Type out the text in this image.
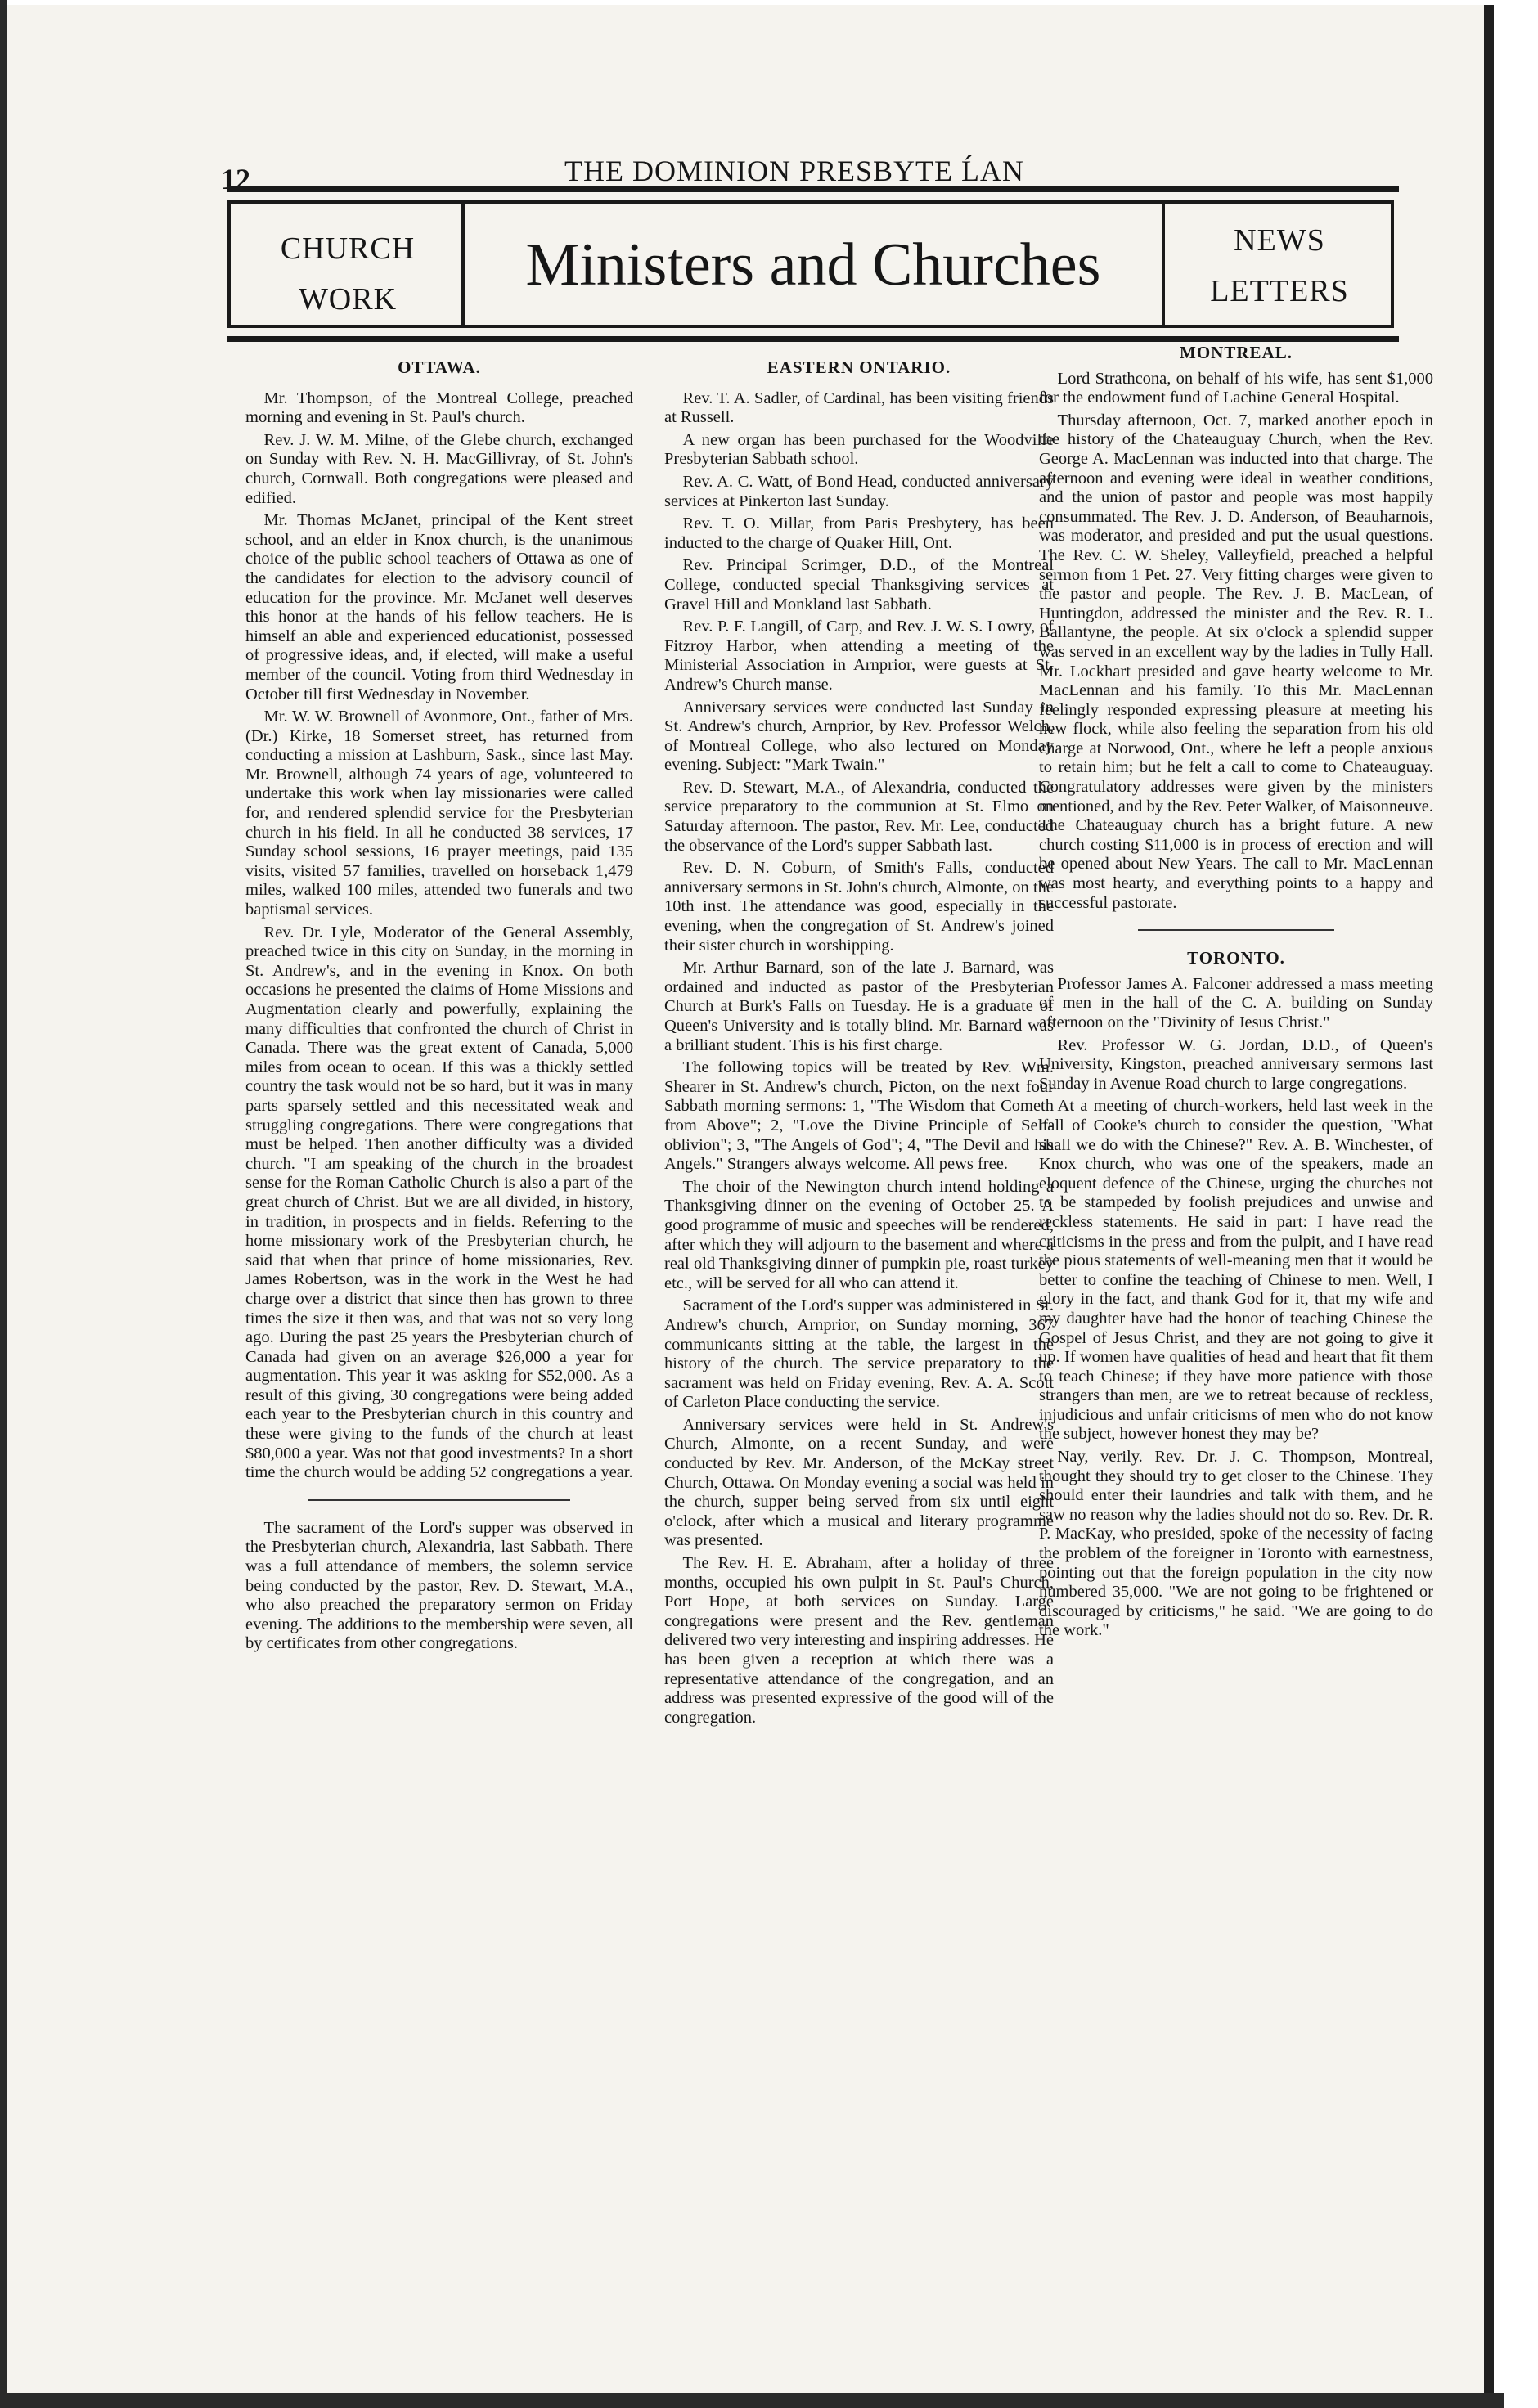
12	THE DOMINION PRESBYTE ĹAN
CHURCH
WORK
Ministers and Churches	NEWS
LETTERS
OTTAWA.

Mr. Thompson, of the Montreal College, preached morning and evening in St. Paul's church.

Rev. J. W. M. Milne, of the Glebe church, exchanged on Sunday with Rev. N. H. MacGillivray, of St. John's church, Cornwall. Both congregations were pleased and edified.

Mr. Thomas McJanet, principal of the Kent street school, and an elder in Knox church, is the unanimous choice of the public school teachers of Ottawa as one of the candidates for election to the advisory council of education for the province. Mr. McJanet well deserves this honor at the hands of his fellow teachers. He is himself an able and experienced educationist, possessed of progressive ideas, and, if elected, will make a useful member of the council. Voting from third Wednesday in October till first Wednesday in November.

Mr. W. W. Brownell of Avonmore, Ont., father of Mrs. (Dr.) Kirke, 18 Somerset street, has returned from conducting a mission at Lashburn, Sask., since last May. Mr. Brownell, although 74 years of age, volunteered to undertake this work when lay missionaries were called for, and rendered splendid service for the Presbyterian church in his field. In all he conducted 38 services, 17 Sunday school sessions, 16 prayer meetings, paid 135 visits, visited 57 families, travelled on horseback 1,479 miles, walked 100 miles, attended two funerals and two baptismal services.

Rev. Dr. Lyle, Moderator of the General Assembly, preached twice in this city on Sunday, in the morning in St. Andrew's, and in the evening in Knox. On both occasions he presented the claims of Home Missions and Augmentation clearly and powerfully, explaining the many difficulties that confronted the church of Christ in Canada. There was the great extent of Canada, 5,000 miles from ocean to ocean. If this was a thickly settled country the task would not be so hard, but it was in many parts sparsely settled and this necessitated weak and struggling congregations. There were congregations that must be helped. Then another difficulty was a divided church. "I am speaking of the church in the broadest sense for the Roman Catholic Church is also a part of the great church of Christ. But we are all divided, in history, in tradition, in prospects and in fields. Referring to the home missionary work of the Presbyterian church, he said that when that prince of home missionaries, Rev. James Robertson, was in the work in the West he had charge over a district that since then has grown to three times the size it then was, and that was not so very long ago. During the past 25 years the Presbyterian church of Canada had given on an average $26,000 a year for augmentation. This year it was asking for $52,000. As a result of this giving, 30 congregations were being added each year to the Presbyterian church in this country and these were giving to the funds of the church at least $80,000 a year. Was not that good investments? In a short time the church would be adding 52 congregations a year.

The sacrament of the Lord's supper was observed in the Presbyterian church, Alexandria, last Sabbath. There was a full attendance of members, the solemn service being conducted by the pastor, Rev. D. Stewart, M.A., who also preached the preparatory sermon on Friday evening. The additions to the membership were seven, all by certificates from other congregations.

EASTERN ONTARIO.

Rev. T. A. Sadler, of Cardinal, has been visiting friends at Russell.

A new organ has been purchased for the Woodville Presbyterian Sabbath school.

Rev. A. C. Watt, of Bond Head, conducted anniversary services at Pinkerton last Sunday.

Rev. T. O. Millar, from Paris Presbytery, has been inducted to the charge of Quaker Hill, Ont.

Rev. Principal Scrimger, D.D., of the Montreal College, conducted special Thanksgiving services at Gravel Hill and Monkland last Sabbath.

Rev. P. F. Langill, of Carp, and Rev. J. W. S. Lowry, of Fitzroy Harbor, when attending a meeting of the Ministerial Association in Arnprior, were guests at St. Andrew's Church manse.

Anniversary services were conducted last Sunday in St. Andrew's church, Arnprior, by Rev. Professor Welch, of Montreal College, who also lectured on Monday evening. Subject: "Mark Twain."

Rev. D. Stewart, M.A., of Alexandria, conducted the service preparatory to the communion at St. Elmo on Saturday afternoon. The pastor, Rev. Mr. Lee, conducted the observance of the Lord's supper Sabbath last.

Rev. D. N. Coburn, of Smith's Falls, conducted anniversary sermons in St. John's church, Almonte, on the 10th inst. The attendance was good, especially in the evening, when the congregation of St. Andrew's joined their sister church in worshipping.

Mr. Arthur Barnard, son of the late J. Barnard, was ordained and inducted as pastor of the Presbyterian Church at Burk's Falls on Tuesday. He is a graduate of Queen's University and is totally blind. Mr. Barnard was a brilliant student. This is his first charge.

The following topics will be treated by Rev. Wm. Shearer in St. Andrew's church, Picton, on the next four Sabbath morning sermons: 1, "The Wisdom that Cometh from Above"; 2, "Love the Divine Principle of Self-oblivion"; 3, "The Angels of God"; 4, "The Devil and his Angels." Strangers always welcome. All pews free.

The choir of the Newington church intend holding a Thanksgiving dinner on the evening of October 25. A good programme of music and speeches will be rendered, after which they will adjourn to the basement and where a real old Thanksgiving dinner of pumpkin pie, roast turkey etc., will be served for all who can attend it.

Sacrament of the Lord's supper was administered in St. Andrew's church, Arnprior, on Sunday morning, 367 communicants sitting at the table, the largest in the history of the church. The service preparatory to the sacrament was held on Friday evening, Rev. A. A. Scott of Carleton Place conducting the service.

Anniversary services were held in St. Andrew's Church, Almonte, on a recent Sunday, and were conducted by Rev. Mr. Anderson, of the McKay street Church, Ottawa. On Monday evening a social was held in the church, supper being served from six until eight o'clock, after which a musical and literary programme was presented.

The Rev. H. E. Abraham, after a holiday of three months, occupied his own pulpit in St. Paul's Church, Port Hope, at both services on Sunday. Large congregations were present and the Rev. gentleman delivered two very interesting and inspiring addresses. He has been given a reception at which there was a representative attendance of the congregation, and an address was presented expressive of the good will of the congregation.

MONTREAL.

Lord Strathcona, on behalf of his wife, has sent $1,000 for the endowment fund of Lachine General Hospital.

Thursday afternoon, Oct. 7, marked another epoch in the history of the Chateauguay Church, when the Rev. George A. MacLennan was inducted into that charge. The afternoon and evening were ideal in weather conditions, and the union of pastor and people was most happily consummated. The Rev. J. D. Anderson, of Beauharnois, was moderator, and presided and put the usual questions. The Rev. C. W. Sheley, Valleyfield, preached a helpful sermon from 1 Pet. 27. Very fitting charges were given to the pastor and people. The Rev. J. B. MacLean, of Huntingdon, addressed the minister and the Rev. R. L. Ballantyne, the people. At six o'clock a splendid supper was served in an excellent way by the ladies in Tully Hall. Mr. Lockhart presided and gave hearty welcome to Mr. MacLennan and his family. To this Mr. MacLennan feelingly responded expressing pleasure at meeting his new flock, while also feeling the separation from his old charge at Norwood, Ont., where he left a people anxious to retain him; but he felt a call to come to Chateauguay. Congratulatory addresses were given by the ministers mentioned, and by the Rev. Peter Walker, of Maisonneuve. The Chateauguay church has a bright future. A new church costing $11,000 is in process of erection and will be opened about New Years. The call to Mr. MacLennan was most hearty, and everything points to a happy and successful pastorate.

TORONTO.

Professor James A. Falconer addressed a mass meeting of men in the hall of the C. A. building on Sunday afternoon on the "Divinity of Jesus Christ."

Rev. Professor W. G. Jordan, D.D., of Queen's University, Kingston, preached anniversary sermons last Sunday in Avenue Road church to large congregations.

At a meeting of church-workers, held last week in the hall of Cooke's church to consider the question, "What shall we do with the Chinese?" Rev. A. B. Winchester, of Knox church, who was one of the speakers, made an eloquent defence of the Chinese, urging the churches not to be stampeded by foolish prejudices and unwise and reckless statements. He said in part: I have read the criticisms in the press and from the pulpit, and I have read the pious statements of well-meaning men that it would be better to confine the teaching of Chinese to men. Well, I glory in the fact, and thank God for it, that my wife and my daughter have had the honor of teaching Chinese the Gospel of Jesus Christ, and they are not going to give it up. If women have qualities of head and heart that fit them to teach Chinese; if they have more patience with those strangers than men, are we to retreat because of reckless, injudicious and unfair criticisms of men who do not know the subject, however honest they may be?

Nay, verily. Rev. Dr. J. C. Thompson, Montreal, thought they should try to get closer to the Chinese. They should enter their laundries and talk with them, and he saw no reason why the ladies should not do so. Rev. Dr. R. P. MacKay, who presided, spoke of the necessity of facing the problem of the foreigner in Toronto with earnestness, pointing out that the foreign population in the city now numbered 35,000. "We are not going to be frightened or discouraged by criticisms," he said. "We are going to do the work."
